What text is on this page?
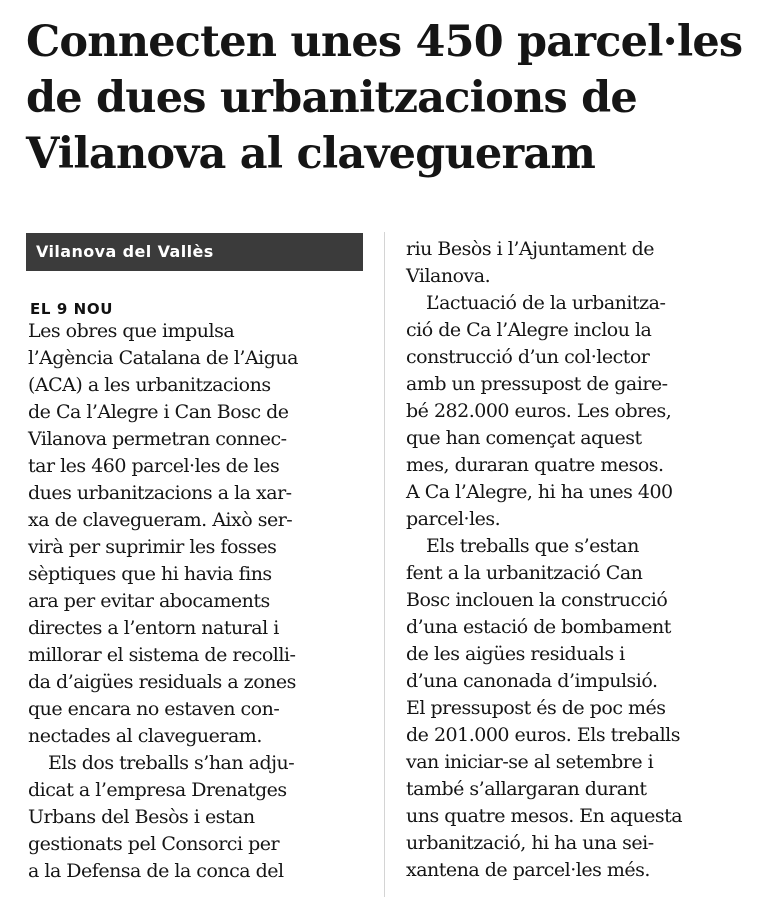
Connecten unes 450 parcel·les
de dues urbanitzacions de
Vilanova al clavegueram
Vilanova del Vallès
EL 9 NOU
Les obres que impulsa
l’Agència Catalana de l’Aigua
(ACA) a les urbanitzacions
de Ca l’Alegre i Can Bosc de
Vilanova permetran connec-
tar les 460 parcel·les de les
dues urbanitzacions a la xar-
xa de clavegueram. Això ser-
virà per suprimir les fosses
sèptiques que hi havia fins
ara per evitar abocaments
directes a l’entorn natural i
millorar el sistema de recolli-
da d’aigües residuals a zones
que encara no estaven con-
nectades al clavegueram.
Els dos treballs s’han adju-
dicat a l’empresa Drenatges
Urbans del Besòs i estan
gestionats pel Consorci per
a la Defensa de la conca del
riu Besòs i l’Ajuntament de
Vilanova.
L’actuació de la urbanitza-
ció de Ca l’Alegre inclou la
construcció d’un col·lector
amb un pressupost de gaire-
bé 282.000 euros. Les obres,
que han començat aquest
mes, duraran quatre mesos.
A Ca l’Alegre, hi ha unes 400
parcel·les.
Els treballs que s’estan
fent a la urbanització Can
Bosc inclouen la construcció
d’una estació de bombament
de les aigües residuals i
d’una canonada d’impulsió.
El pressupost és de poc més
de 201.000 euros. Els treballs
van iniciar-se al setembre i
també s’allargaran durant
uns quatre mesos. En aquesta
urbanització, hi ha una sei-
xantena de parcel·les més.
